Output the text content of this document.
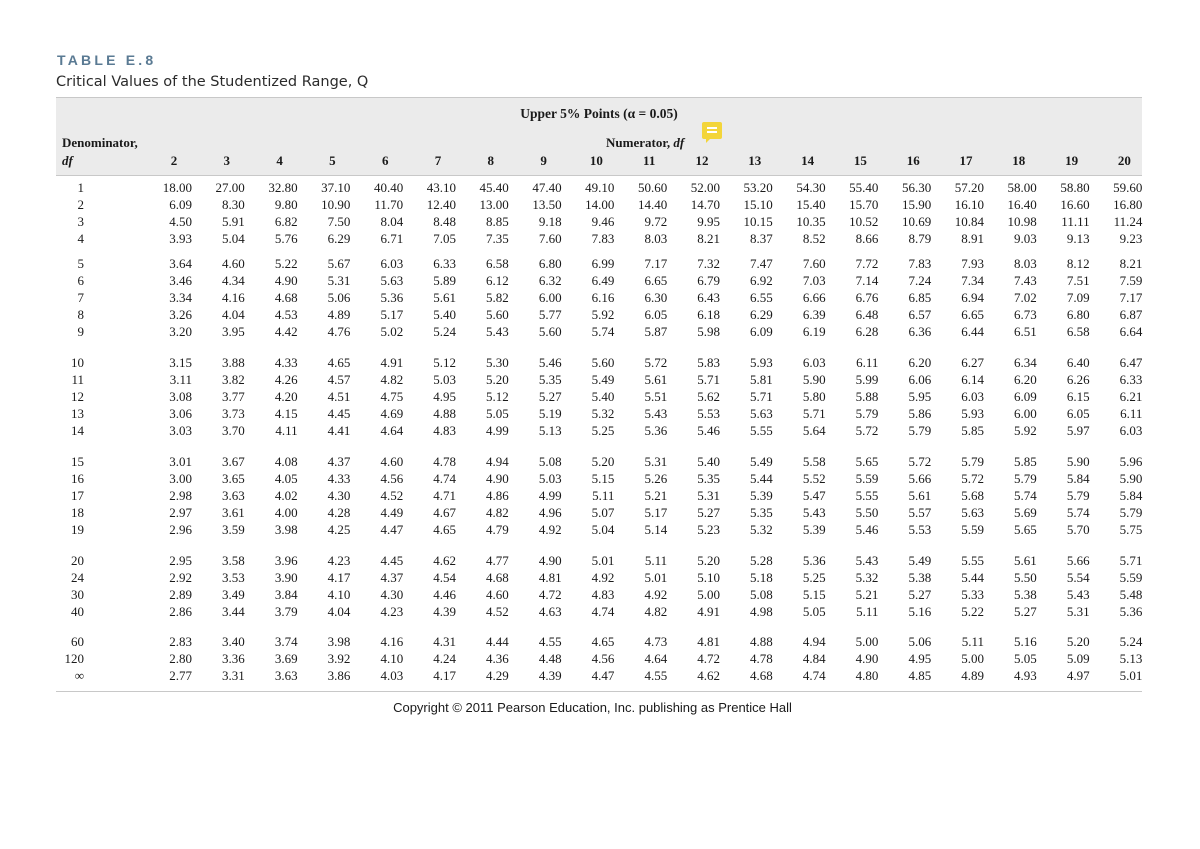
TABLE E.8
Critical Values of the Studentized Range, Q
Upper 5% Points (α = 0.05)
Denominator,
df
Numerator, df
2	3	4	5	6	7	8	9	10	11	12	13	14	15	16	17	18	19	20
1	18.00	27.00	32.80	37.10	40.40	43.10	45.40	47.40	49.10	50.60	52.00	53.20	54.30	55.40	56.30	57.20	58.00	58.80	59.60
2	6.09	8.30	9.80	10.90	11.70	12.40	13.00	13.50	14.00	14.40	14.70	15.10	15.40	15.70	15.90	16.10	16.40	16.60	16.80
3	4.50	5.91	6.82	7.50	8.04	8.48	8.85	9.18	9.46	9.72	9.95	10.15	10.35	10.52	10.69	10.84	10.98	11.11	11.24
4	3.93	5.04	5.76	6.29	6.71	7.05	7.35	7.60	7.83	8.03	8.21	8.37	8.52	8.66	8.79	8.91	9.03	9.13	9.23
5	3.64	4.60	5.22	5.67	6.03	6.33	6.58	6.80	6.99	7.17	7.32	7.47	7.60	7.72	7.83	7.93	8.03	8.12	8.21
6	3.46	4.34	4.90	5.31	5.63	5.89	6.12	6.32	6.49	6.65	6.79	6.92	7.03	7.14	7.24	7.34	7.43	7.51	7.59
7	3.34	4.16	4.68	5.06	5.36	5.61	5.82	6.00	6.16	6.30	6.43	6.55	6.66	6.76	6.85	6.94	7.02	7.09	7.17
8	3.26	4.04	4.53	4.89	5.17	5.40	5.60	5.77	5.92	6.05	6.18	6.29	6.39	6.48	6.57	6.65	6.73	6.80	6.87
9	3.20	3.95	4.42	4.76	5.02	5.24	5.43	5.60	5.74	5.87	5.98	6.09	6.19	6.28	6.36	6.44	6.51	6.58	6.64
10	3.15	3.88	4.33	4.65	4.91	5.12	5.30	5.46	5.60	5.72	5.83	5.93	6.03	6.11	6.20	6.27	6.34	6.40	6.47
11	3.11	3.82	4.26	4.57	4.82	5.03	5.20	5.35	5.49	5.61	5.71	5.81	5.90	5.99	6.06	6.14	6.20	6.26	6.33
12	3.08	3.77	4.20	4.51	4.75	4.95	5.12	5.27	5.40	5.51	5.62	5.71	5.80	5.88	5.95	6.03	6.09	6.15	6.21
13	3.06	3.73	4.15	4.45	4.69	4.88	5.05	5.19	5.32	5.43	5.53	5.63	5.71	5.79	5.86	5.93	6.00	6.05	6.11
14	3.03	3.70	4.11	4.41	4.64	4.83	4.99	5.13	5.25	5.36	5.46	5.55	5.64	5.72	5.79	5.85	5.92	5.97	6.03
15	3.01	3.67	4.08	4.37	4.60	4.78	4.94	5.08	5.20	5.31	5.40	5.49	5.58	5.65	5.72	5.79	5.85	5.90	5.96
16	3.00	3.65	4.05	4.33	4.56	4.74	4.90	5.03	5.15	5.26	5.35	5.44	5.52	5.59	5.66	5.72	5.79	5.84	5.90
17	2.98	3.63	4.02	4.30	4.52	4.71	4.86	4.99	5.11	5.21	5.31	5.39	5.47	5.55	5.61	5.68	5.74	5.79	5.84
18	2.97	3.61	4.00	4.28	4.49	4.67	4.82	4.96	5.07	5.17	5.27	5.35	5.43	5.50	5.57	5.63	5.69	5.74	5.79
19	2.96	3.59	3.98	4.25	4.47	4.65	4.79	4.92	5.04	5.14	5.23	5.32	5.39	5.46	5.53	5.59	5.65	5.70	5.75
20	2.95	3.58	3.96	4.23	4.45	4.62	4.77	4.90	5.01	5.11	5.20	5.28	5.36	5.43	5.49	5.55	5.61	5.66	5.71
24	2.92	3.53	3.90	4.17	4.37	4.54	4.68	4.81	4.92	5.01	5.10	5.18	5.25	5.32	5.38	5.44	5.50	5.54	5.59
30	2.89	3.49	3.84	4.10	4.30	4.46	4.60	4.72	4.83	4.92	5.00	5.08	5.15	5.21	5.27	5.33	5.38	5.43	5.48
40	2.86	3.44	3.79	4.04	4.23	4.39	4.52	4.63	4.74	4.82	4.91	4.98	5.05	5.11	5.16	5.22	5.27	5.31	5.36
60	2.83	3.40	3.74	3.98	4.16	4.31	4.44	4.55	4.65	4.73	4.81	4.88	4.94	5.00	5.06	5.11	5.16	5.20	5.24
120	2.80	3.36	3.69	3.92	4.10	4.24	4.36	4.48	4.56	4.64	4.72	4.78	4.84	4.90	4.95	5.00	5.05	5.09	5.13
∞	2.77	3.31	3.63	3.86	4.03	4.17	4.29	4.39	4.47	4.55	4.62	4.68	4.74	4.80	4.85	4.89	4.93	4.97	5.01
Copyright © 2011 Pearson Education, Inc. publishing as Prentice Hall
